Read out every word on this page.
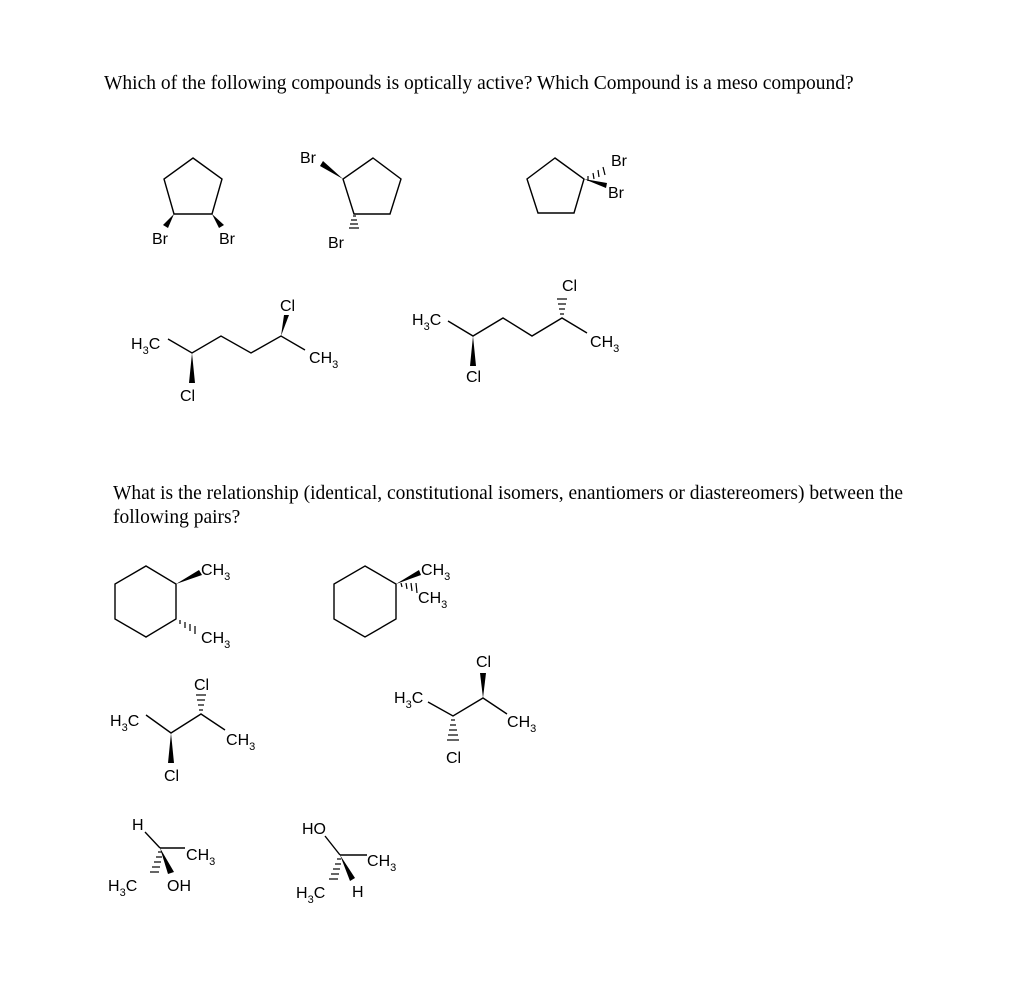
Which of the following compounds is optically active? Which Compound is a meso compound?

What is the relationship (identical, constitutional isomers, enantiomers or diastereomers) between the following pairs?

Br	Br
Br
Br
Br
Br
$H_3C$
Cl
Cl
$CH_3$
$H_3C$
Cl
Cl
$CH_3$
$CH_3$
$CH_3$
$CH_3$
$CH_3$
$H_3C$
Cl
Cl
$CH_3$
$H_3C$
Cl
Cl
$CH_3$
H
$CH_3$
$H_3C$ OH
HO
$CH_3$
$H_3C$ H
